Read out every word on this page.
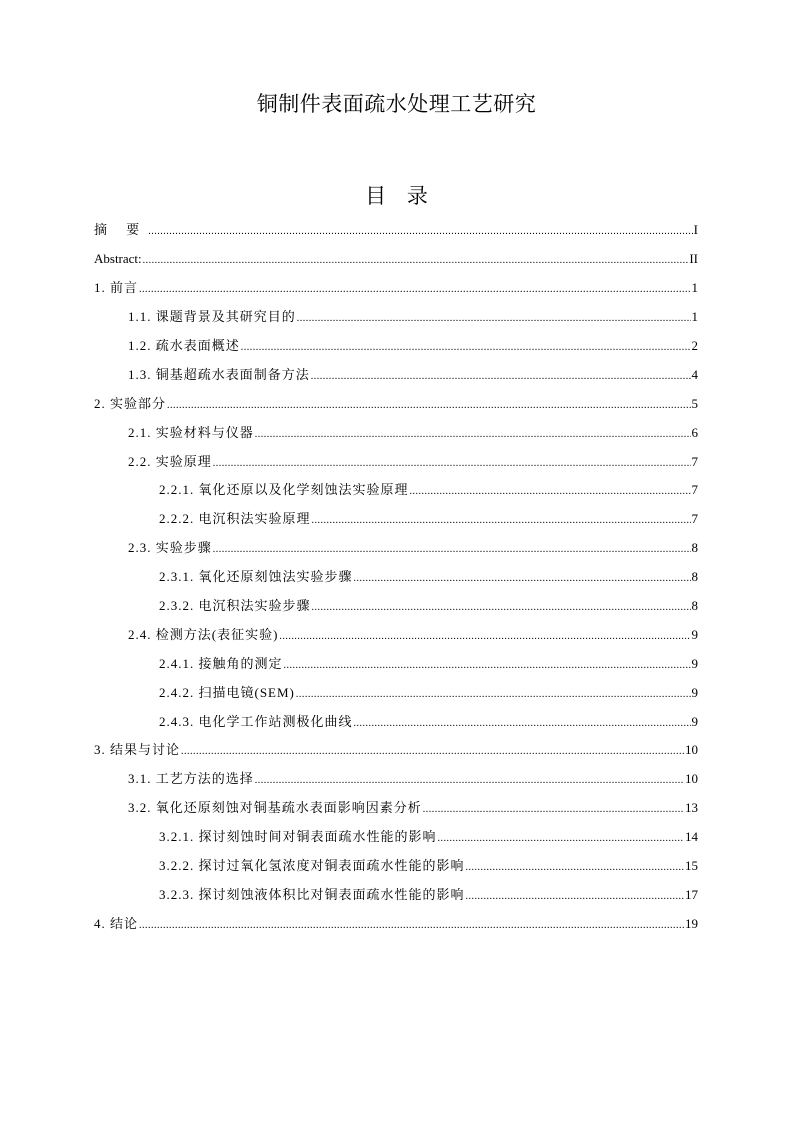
铜制件表面疏水处理工艺研究
目 录
摘 要 .....	I
Abstract: .....	II
1. 前言 .....	1
1.1. 课题背景及其研究目的 .....	1
1.2. 疏水表面概述 .....	2
1.3. 铜基超疏水表面制备方法 .....	4
2. 实验部分 .....	5
2.1. 实验材料与仪器 .....	6
2.2. 实验原理 .....	7
2.2.1. 氧化还原以及化学刻蚀法实验原理 .....	7
2.2.2. 电沉积法实验原理 .....	7
2.3. 实验步骤 .....	8
2.3.1. 氧化还原刻蚀法实验步骤 .....	8
2.3.2. 电沉积法实验步骤 .....	8
2.4. 检测方法(表征实验) .....	9
2.4.1. 接触角的测定 .....	9
2.4.2. 扫描电镜(SEM) .....	9
2.4.3. 电化学工作站测极化曲线 .....	9
3. 结果与讨论 .....	10
3.1. 工艺方法的选择 .....	10
3.2. 氧化还原刻蚀对铜基疏水表面影响因素分析 .....	13
3.2.1. 探讨刻蚀时间对铜表面疏水性能的影响 .....	14
3.2.2. 探讨过氧化氢浓度对铜表面疏水性能的影响 .....	15
3.2.3. 探讨刻蚀液体积比对铜表面疏水性能的影响 .....	17
4. 结论 .....	19
